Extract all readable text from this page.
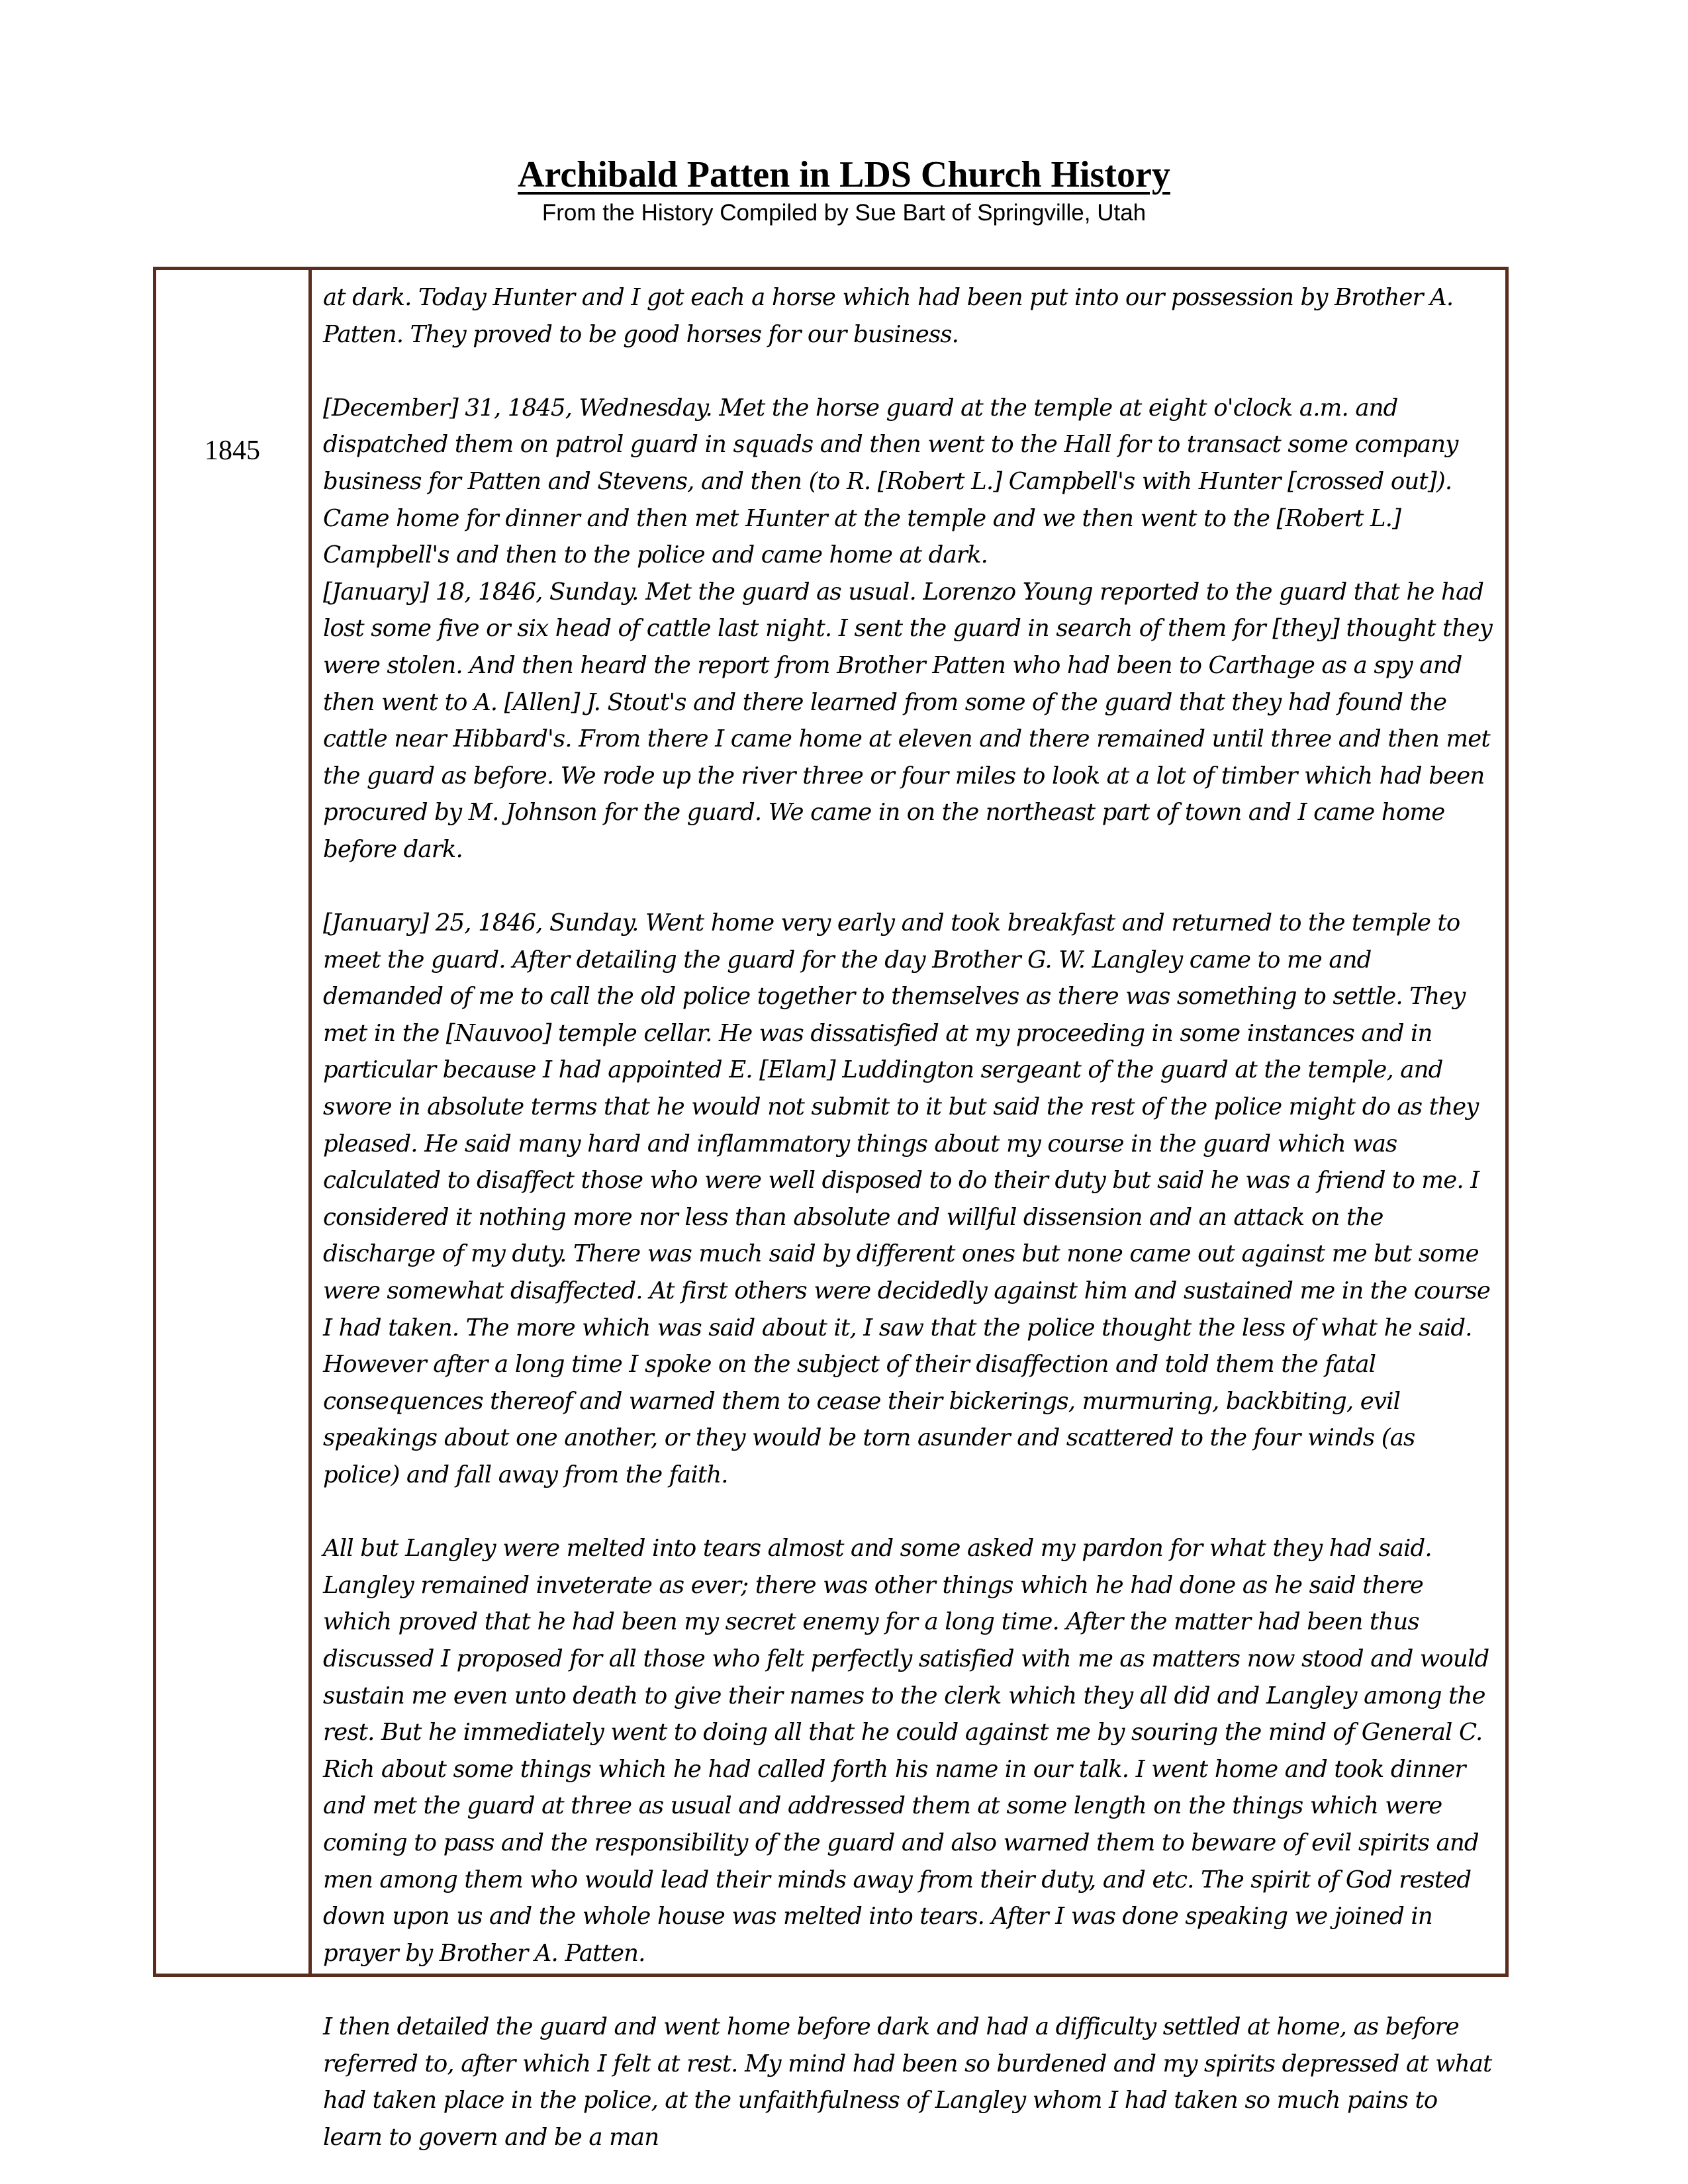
Archibald Patten in LDS Church History
From the History Compiled by Sue Bart of Springville, Utah
1845

at dark. Today Hunter and I got each a horse which had been put into our possession by Brother A. Patten. They proved to be good horses for our business.

[December] 31, 1845, Wednesday. Met the horse guard at the temple at eight o'clock a.m. and dispatched them on patrol guard in squads and then went to the Hall for to transact some company business for Patten and Stevens, and then (to R. [Robert L.] Campbell's with Hunter [crossed out]). Came home for dinner and then met Hunter at the temple and we then went to the [Robert L.] Campbell's and then to the police and came home at dark.

[January] 18, 1846, Sunday. Met the guard as usual. Lorenzo Young reported to the guard that he had lost some five or six head of cattle last night. I sent the guard in search of them for [they] thought they were stolen. And then heard the report from Brother Patten who had been to Carthage as a spy and then went to A. [Allen] J. Stout's and there learned from some of the guard that they had found the cattle near Hibbard's. From there I came home at eleven and there remained until three and then met the guard as before. We rode up the river three or four miles to look at a lot of timber which had been procured by M. Johnson for the guard. We came in on the northeast part of town and I came home before dark.

[January] 25, 1846, Sunday. Went home very early and took breakfast and returned to the temple to meet the guard. After detailing the guard for the day Brother G. W. Langley came to me and demanded of me to call the old police together to themselves as there was something to settle. They met in the [Nauvoo] temple cellar. He was dissatisfied at my proceeding in some instances and in particular because I had appointed E. [Elam] Luddington sergeant of the guard at the temple, and swore in absolute terms that he would not submit to it but said the rest of the police might do as they pleased. He said many hard and inflammatory things about my course in the guard which was calculated to disaffect those who were well disposed to do their duty but said he was a friend to me. I considered it nothing more nor less than absolute and willful dissension and an attack on the discharge of my duty. There was much said by different ones but none came out against me but some were somewhat disaffected. At first others were decidedly against him and sustained me in the course I had taken. The more which was said about it, I saw that the police thought the less of what he said. However after a long time I spoke on the subject of their disaffection and told them the fatal consequences thereof and warned them to cease their bickerings, murmuring, backbiting, evil speakings about one another, or they would be torn asunder and scattered to the four winds (as police) and fall away from the faith.

All but Langley were melted into tears almost and some asked my pardon for what they had said. Langley remained inveterate as ever; there was other things which he had done as he said there which proved that he had been my secret enemy for a long time. After the matter had been thus discussed I proposed for all those who felt perfectly satisfied with me as matters now stood and would sustain me even unto death to give their names to the clerk which they all did and Langley among the rest. But he immediately went to doing all that he could against me by souring the mind of General C. Rich about some things which he had called forth his name in our talk. I went home and took dinner and met the guard at three as usual and addressed them at some length on the things which were coming to pass and the responsibility of the guard and also warned them to beware of evil spirits and men among them who would lead their minds away from their duty, and etc. The spirit of God rested down upon us and the whole house was melted into tears. After I was done speaking we joined in prayer by Brother A. Patten.

I then detailed the guard and went home before dark and had a difficulty settled at home, as before referred to, after which I felt at rest. My mind had been so burdened and my spirits depressed at what had taken place in the police, at the unfaithfulness of Langley whom I had taken so much pains to learn to govern and be a man
